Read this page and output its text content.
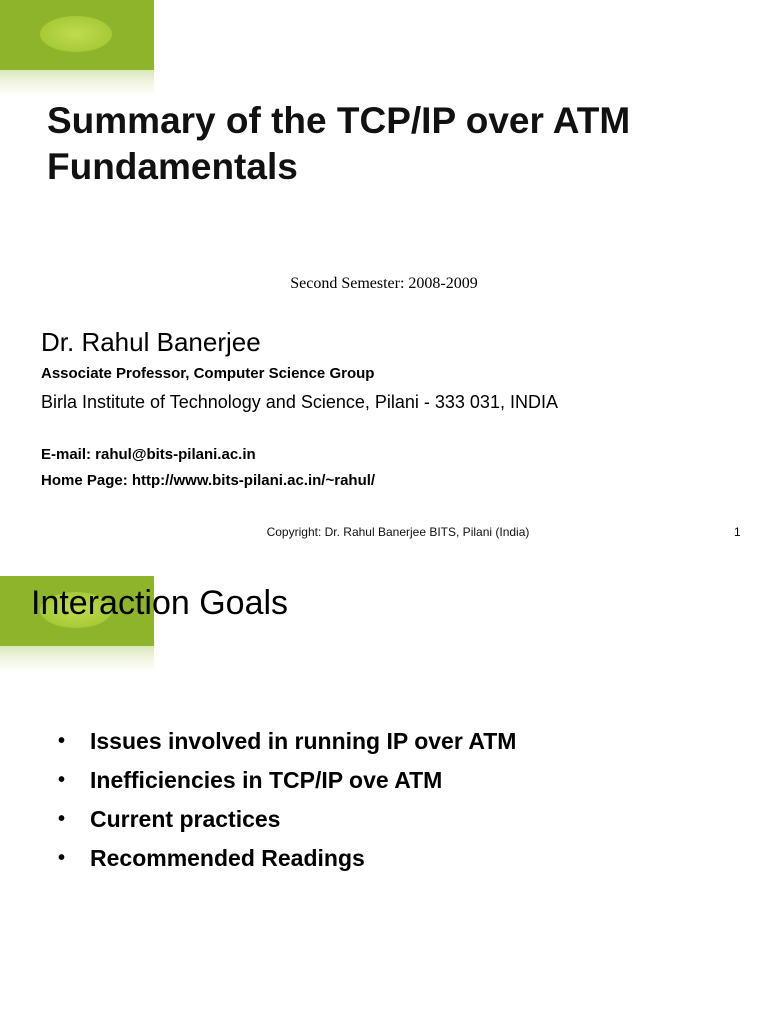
Summary of the TCP/IP over ATM
Fundamentals
Second Semester: 2008-2009
Dr. Rahul Banerjee
Associate Professor, Computer Science Group
Birla Institute of Technology and Science, Pilani - 333 031, INDIA
E-mail: rahul@bits-pilani.ac.in
Home Page: http://www.bits-pilani.ac.in/~rahul/
Copyright: Dr. Rahul Banerjee BITS, Pilani (India)	1
Interaction Goals
•	Issues involved in running IP over ATM
•	Inefficiencies in TCP/IP ove ATM
•	Current practices
•	Recommended Readings
